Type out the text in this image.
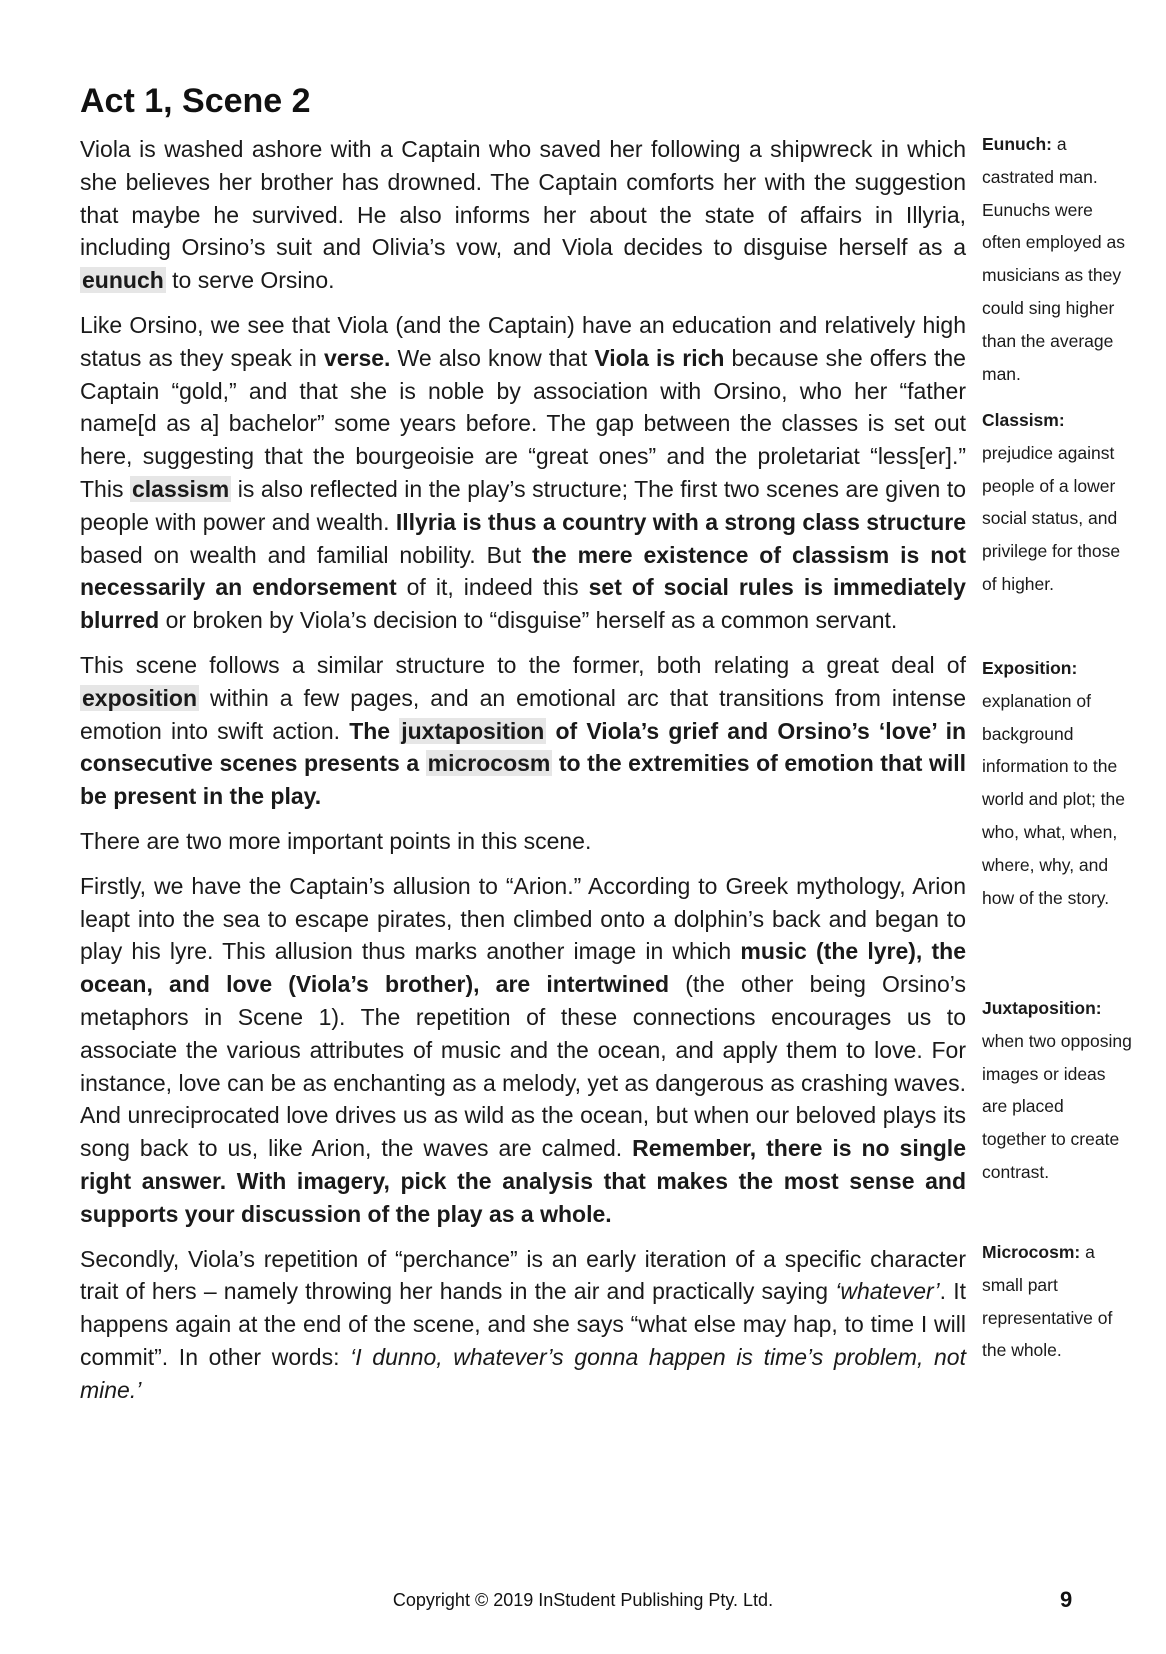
Act 1, Scene 2

Viola is washed ashore with a Captain who saved her following a shipwreck in which she believes her brother has drowned. The Captain comforts her with the suggestion that maybe he survived. He also informs her about the state of affairs in Illyria, including Orsino’s suit and Olivia’s vow, and Viola decides to disguise herself as a eunuch to serve Orsino.

Like Orsino, we see that Viola (and the Captain) have an education and relatively high status as they speak in verse. We also know that Viola is rich because she offers the Captain “gold,” and that she is noble by association with Orsino, who her “father name[d as a] bachelor” some years before. The gap between the classes is set out here, suggesting that the bourgeoisie are “great ones” and the proletariat “less[er].” This classism is also reflected in the play’s structure; The first two scenes are given to people with power and wealth. Illyria is thus a country with a strong class structure based on wealth and familial nobility. But the mere existence of classism is not necessarily an endorsement of it, indeed this set of social rules is immediately blurred or broken by Viola’s decision to “disguise” herself as a common servant.

This scene follows a similar structure to the former, both relating a great deal of exposition within a few pages, and an emotional arc that transitions from intense emotion into swift action. The juxtaposition of Viola’s grief and Orsino’s ‘love’ in consecutive scenes presents a microcosm to the extremities of emotion that will be present in the play.

There are two more important points in this scene.

Firstly, we have the Captain’s allusion to “Arion.” According to Greek mythology, Arion leapt into the sea to escape pirates, then climbed onto a dolphin’s back and began to play his lyre. This allusion thus marks another image in which music (the lyre), the ocean, and love (Viola’s brother), are intertwined (the other being Orsino’s metaphors in Scene 1). The repetition of these connections encourages us to associate the various attributes of music and the ocean, and apply them to love. For instance, love can be as enchanting as a melody, yet as dangerous as crashing waves. And unreciprocated love drives us as wild as the ocean, but when our beloved plays its song back to us, like Arion, the waves are calmed. Remember, there is no single right answer. With imagery, pick the analysis that makes the most sense and supports your discussion of the play as a whole.

Secondly, Viola’s repetition of “perchance” is an early iteration of a specific character trait of hers – namely throwing her hands in the air and practically saying ‘whatever’. It happens again at the end of the scene, and she says “what else may hap, to time I will commit”. In other words: ‘I dunno, whatever’s gonna happen is time’s problem, not mine.’

Eunuch: a castrated man. Eunuchs were often employed as musicians as they could sing higher than the average man.
Classism: prejudice against people of a lower social status, and privilege for those of higher.
Exposition: explanation of background information to the world and plot; the who, what, when, where, why, and how of the story.
Juxtaposition: when two opposing images or ideas are placed together to create contrast.
Microcosm: a small part representative of the whole.
Copyright © 2019 InStudent Publishing Pty. Ltd.	9
